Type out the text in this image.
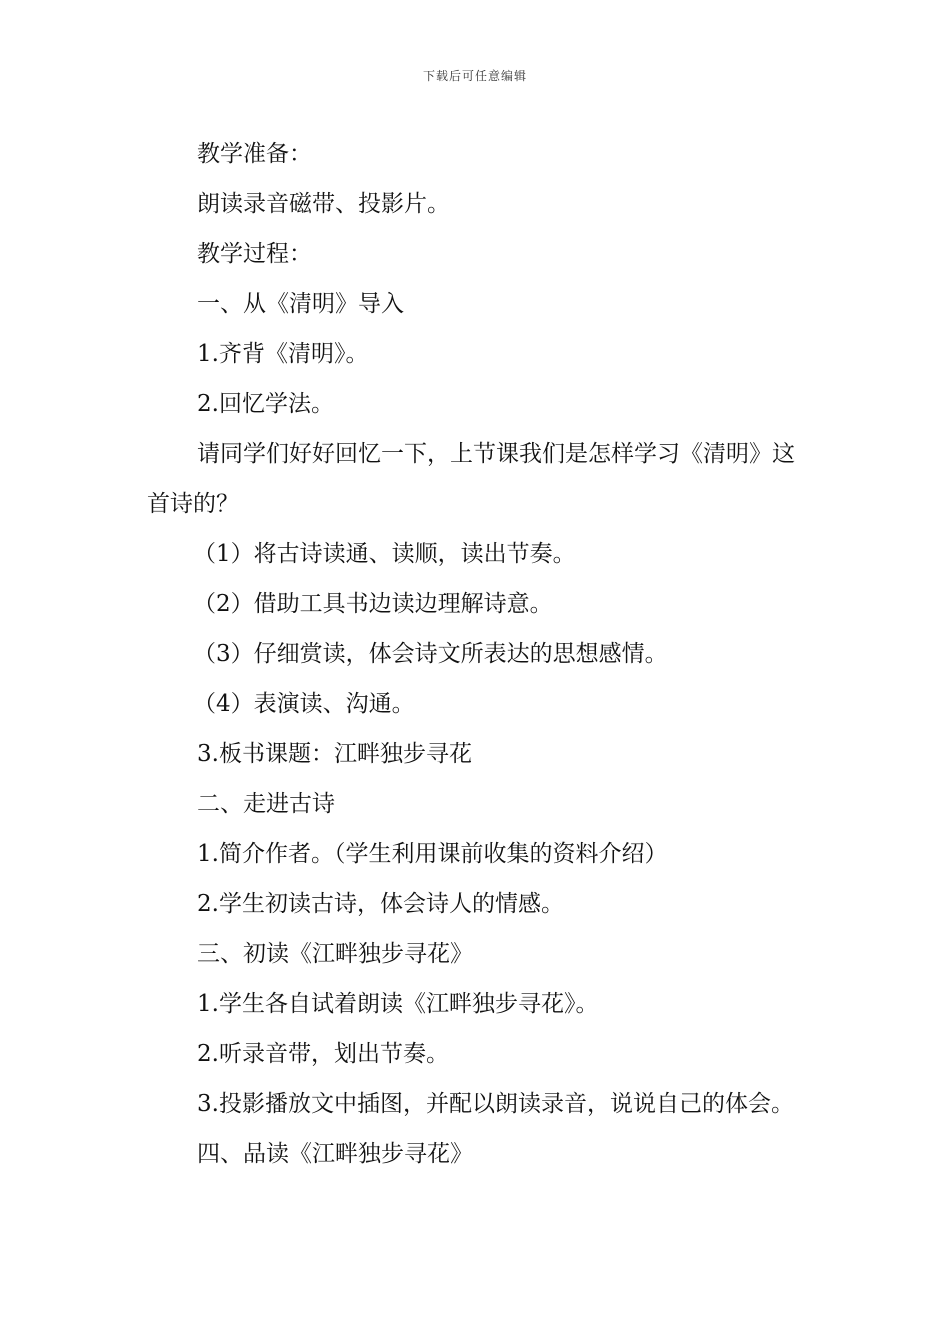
下载后可任意编辑

教学准备：

朗读录音磁带、投影片。

教学过程：

一、从《清明》导入

1.齐背《清明》。

2.回忆学法。

请同学们好好回忆一下，上节课我们是怎样学习《清明》这首诗的？

（1）将古诗读通、读顺，读出节奏。

（2）借助工具书边读边理解诗意。

（3）仔细赏读，体会诗文所表达的思想感情。

（4）表演读、沟通。

3.板书课题：江畔独步寻花

二、走进古诗

1.简介作者。（学生利用课前收集的资料介绍）

2.学生初读古诗，体会诗人的情感。

三、初读《江畔独步寻花》

1.学生各自试着朗读《江畔独步寻花》。

2.听录音带，划出节奏。

3.投影播放文中插图，并配以朗读录音，说说自己的体会。

四、品读《江畔独步寻花》
